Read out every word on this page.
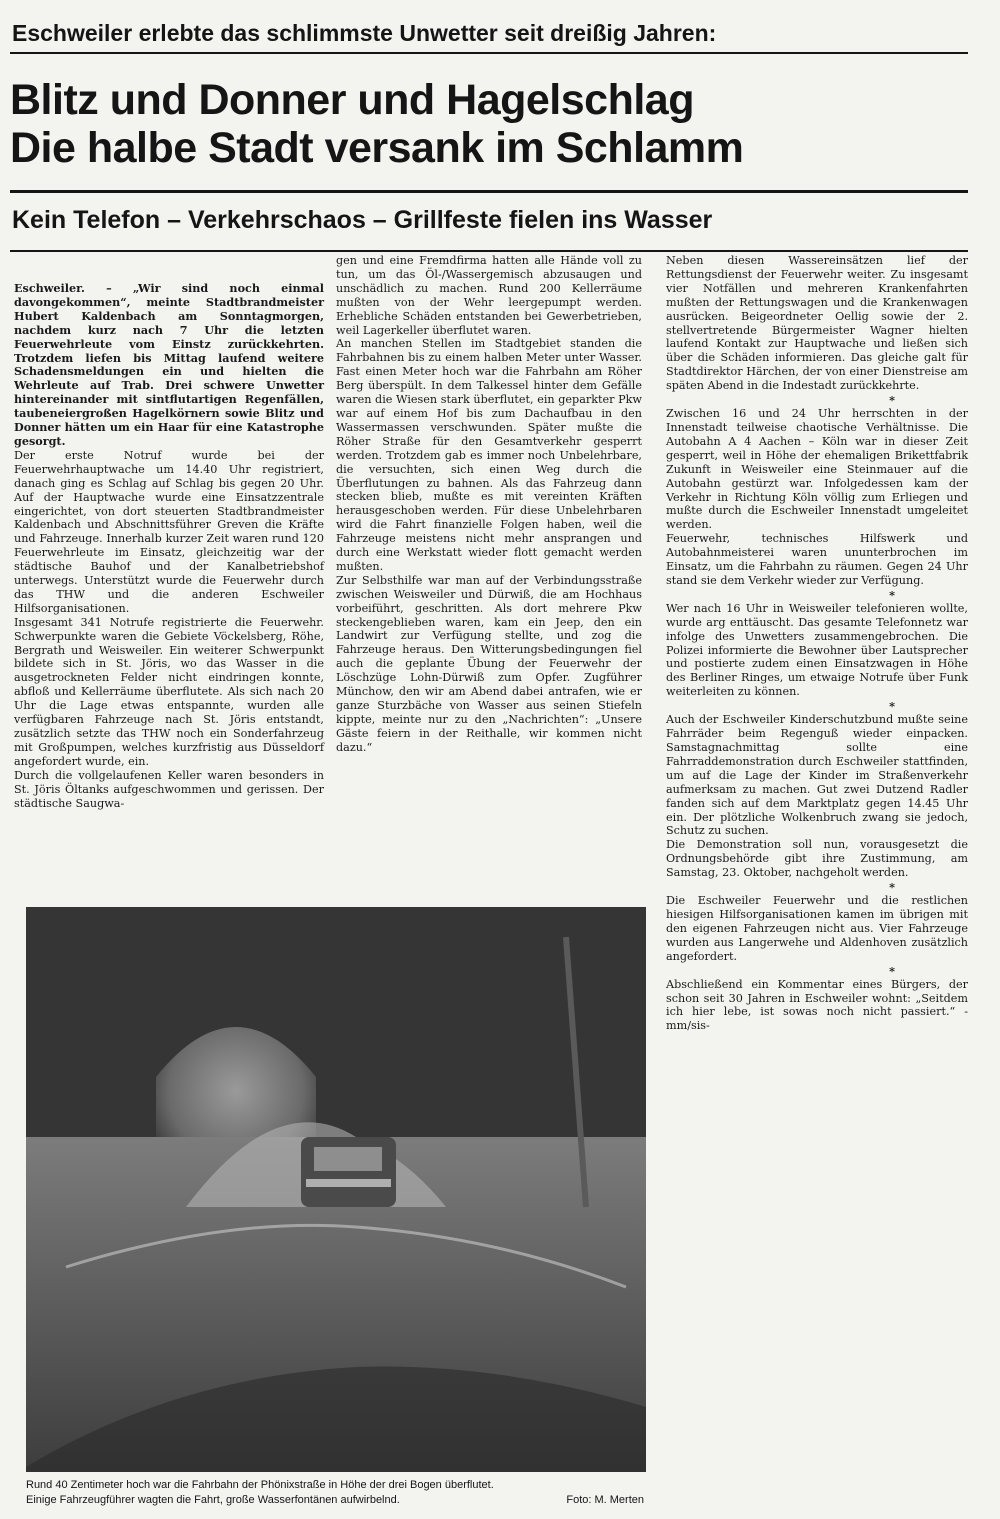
Eschweiler erlebte das schlimmste Unwetter seit dreißig Jahren:
Blitz und Donner und Hagelschlag
Die halbe Stadt versank im Schlamm
Kein Telefon – Verkehrschaos – Grillfeste fielen ins Wasser

Eschweiler. – „Wir sind noch einmal davongekommen“, meinte Stadtbrandmeister Hubert Kaldenbach am Sonntagmorgen, nachdem kurz nach 7 Uhr die letzten Feuerwehrleute vom Einstz zurückkehrten. Trotzdem liefen bis Mittag laufend weitere Schadensmeldungen ein und hielten die Wehrleute auf Trab. Drei schwere Unwetter hintereinander mit sintflutartigen Regenfällen, taubeneiergroßen Hagelkörnern sowie Blitz und Donner hätten um ein Haar für eine Katastrophe gesorgt.

Der erste Notruf wurde bei der Feuerwehrhauptwache um 14.40 Uhr registriert, danach ging es Schlag auf Schlag bis gegen 20 Uhr. Auf der Hauptwache wurde eine Einsatzzentrale eingerichtet, von dort steuerten Stadtbrandmeister Kaldenbach und Abschnittsführer Greven die Kräfte und Fahrzeuge. Innerhalb kurzer Zeit waren rund 120 Feuerwehrleute im Einsatz, gleichzeitig war der städtische Bauhof und der Kanalbetriebshof unterwegs. Unterstützt wurde die Feuerwehr durch das THW und die anderen Eschweiler Hilfsorganisationen.

Insgesamt 341 Notrufe registrierte die Feuerwehr. Schwerpunkte waren die Gebiete Vöckelsberg, Röhe, Bergrath und Weisweiler. Ein weiterer Schwerpunkt bildete sich in St. Jöris, wo das Wasser in die ausgetrockneten Felder nicht eindringen konnte, abfloß und Kellerräume überflutete. Als sich nach 20 Uhr die Lage etwas entspannte, wurden alle verfügbaren Fahrzeuge nach St. Jöris entstandt, zusätzlich setzte das THW noch ein Sonderfahrzeug mit Großpumpen, welches kurzfristig aus Düsseldorf angefordert wurde, ein.

Durch die vollgelaufenen Keller waren besonders in St. Jöris Öltanks aufgeschwommen und gerissen. Der städtische Saugwa-

gen und eine Fremdfirma hatten alle Hände voll zu tun, um das Öl-/Wassergemisch abzusaugen und unschädlich zu machen. Rund 200 Kellerräume mußten von der Wehr leergepumpt werden. Erhebliche Schäden entstanden bei Gewerbetrieben, weil Lagerkeller überflutet waren.

An manchen Stellen im Stadtgebiet standen die Fahrbahnen bis zu einem halben Meter unter Wasser. Fast einen Meter hoch war die Fahrbahn am Röher Berg überspült. In dem Talkessel hinter dem Gefälle waren die Wiesen stark überflutet, ein geparkter Pkw war auf einem Hof bis zum Dachaufbau in den Wassermassen verschwunden. Später mußte die Röher Straße für den Gesamtverkehr gesperrt werden. Trotzdem gab es immer noch Unbelehrbare, die versuchten, sich einen Weg durch die Überflutungen zu bahnen. Als das Fahrzeug dann stecken blieb, mußte es mit vereinten Kräften herausgeschoben werden. Für diese Unbelehrbaren wird die Fahrt finanzielle Folgen haben, weil die Fahrzeuge meistens nicht mehr ansprangen und durch eine Werkstatt wieder flott gemacht werden mußten.

Zur Selbsthilfe war man auf der Verbindungsstraße zwischen Weisweiler und Dürwiß, die am Hochhaus vorbeiführt, geschritten. Als dort mehrere Pkw steckengeblieben waren, kam ein Jeep, den ein Landwirt zur Verfügung stellte, und zog die Fahrzeuge heraus. Den Witterungsbedingungen fiel auch die geplante Übung der Feuerwehr der Löschzüge Lohn-Dürwiß zum Opfer. Zugführer Münchow, den wir am Abend dabei antrafen, wie er ganze Sturzbäche von Wasser aus seinen Stiefeln kippte, meinte nur zu den „Nachrichten“: „Unsere Gäste feiern in der Reithalle, wir kommen nicht dazu.“

Neben diesen Wassereinsätzen lief der Rettungsdienst der Feuerwehr weiter. Zu insgesamt vier Notfällen und mehreren Krankenfahrten mußten der Rettungswagen und die Krankenwagen ausrücken. Beigeordneter Oellig sowie der 2. stellvertretende Bürgermeister Wagner hielten laufend Kontakt zur Hauptwache und ließen sich über die Schäden informieren. Das gleiche galt für Stadtdirektor Härchen, der von einer Dienstreise am späten Abend in die Indestadt zurückkehrte.

*

Zwischen 16 und 24 Uhr herrschten in der Innenstadt teilweise chaotische Verhältnisse. Die Autobahn A 4 Aachen – Köln war in dieser Zeit gesperrt, weil in Höhe der ehemaligen Brikettfabrik Zukunft in Weisweiler eine Steinmauer auf die Autobahn gestürzt war. Infolgedessen kam der Verkehr in Richtung Köln völlig zum Erliegen und mußte durch die Eschweiler Innenstadt umgeleitet werden.

Feuerwehr, technisches Hilfswerk und Autobahnmeisterei waren ununterbrochen im Einsatz, um die Fahrbahn zu räumen. Gegen 24 Uhr stand sie dem Verkehr wieder zur Verfügung.

*

Wer nach 16 Uhr in Weisweiler telefonieren wollte, wurde arg enttäuscht. Das gesamte Telefonnetz war infolge des Unwetters zusammengebrochen. Die Polizei informierte die Bewohner über Lautsprecher und postierte zudem einen Einsatzwagen in Höhe des Berliner Ringes, um etwaige Notrufe über Funk weiterleiten zu können.

*

Auch der Eschweiler Kinderschutzbund mußte seine Fahrräder beim Regenguß wieder einpacken. Samstagnachmittag sollte eine Fahrraddemonstration durch Eschweiler stattfinden, um auf die Lage der Kinder im Straßenverkehr aufmerksam zu machen. Gut zwei Dutzend Radler fanden sich auf dem Marktplatz gegen 14.45 Uhr ein. Der plötzliche Wolkenbruch zwang sie jedoch, Schutz zu suchen.

Die Demonstration soll nun, vorausgesetzt die Ordnungsbehörde gibt ihre Zustimmung, am Samstag, 23. Oktober, nachgeholt werden.

*

Die Eschweiler Feuerwehr und die restlichen hiesigen Hilfsorganisationen kamen im übrigen mit den eigenen Fahrzeugen nicht aus. Vier Fahrzeuge wurden aus Langerwehe und Aldenhoven zusätzlich angefordert.

*

Abschließend ein Kommentar eines Bürgers, der schon seit 30 Jahren in Eschweiler wohnt: „Seitdem ich hier lebe, ist sowas noch nicht passiert.“ -mm/sis-

Rund 40 Zentimeter hoch war die Fahrbahn der Phönixstraße in Höhe der drei Bogen überflutet.
Einige Fahrzeugführer wagten die Fahrt, große Wasserfontänen aufwirbelnd.	Foto: M. Merten
